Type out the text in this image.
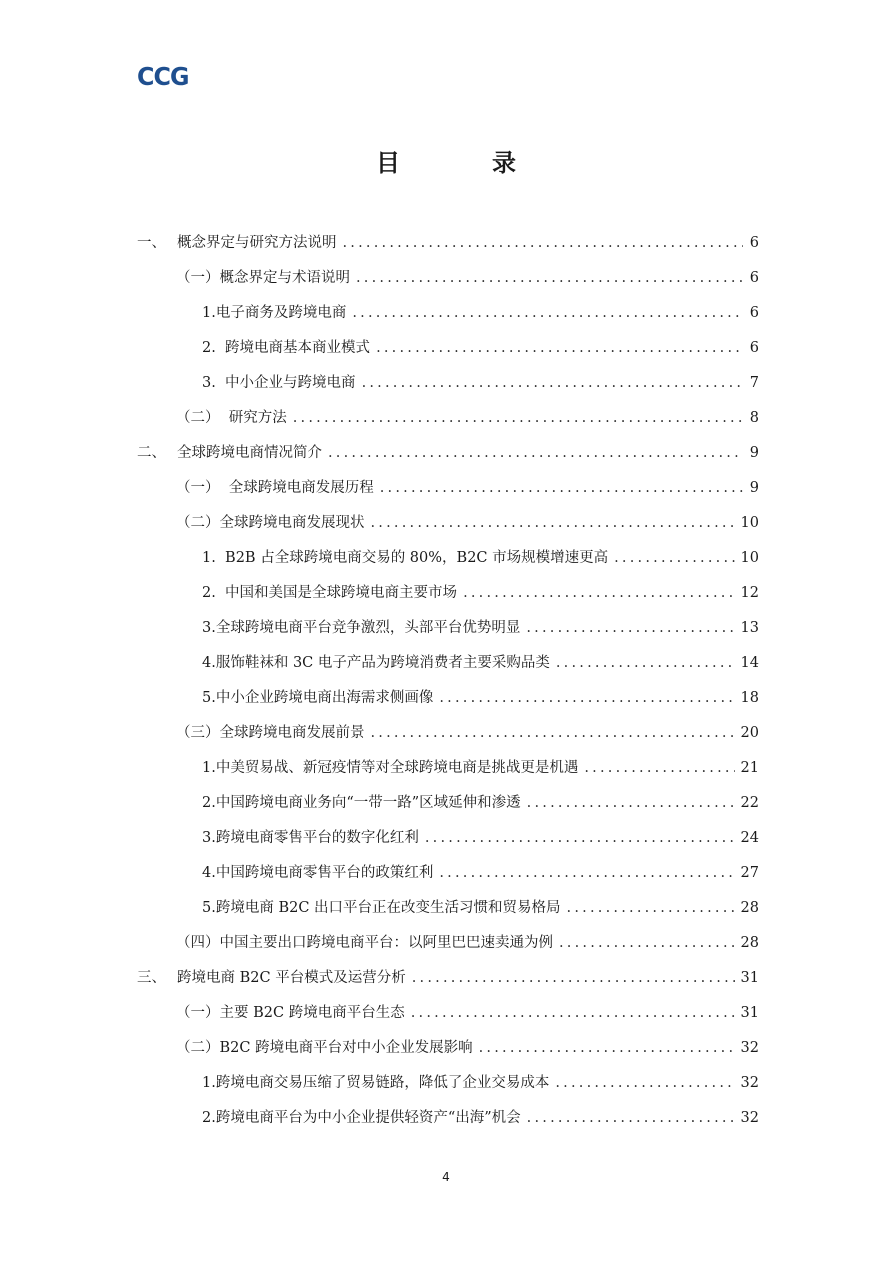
CCG
目　录
一、 概念界定与研究方法说明 .....	6
（一）概念界定与术语说明 .....	6
1.电子商务及跨境电商 .....	6
2.  跨境电商基本商业模式 .....	6
3.  中小企业与跨境电商 .....	7
（二）  研究方法 .....	8
二、 全球跨境电商情况简介 .....	9
（一）  全球跨境电商发展历程 .....	9
（二）全球跨境电商发展现状 .....	10
1.  B2B 占全球跨境电商交易的 80%，B2C 市场规模增速更高 .....	10
2.  中国和美国是全球跨境电商主要市场 .....	12
3.全球跨境电商平台竞争激烈，头部平台优势明显 .....	13
4.服饰鞋袜和 3C 电子产品为跨境消费者主要采购品类 .....	14
5.中小企业跨境电商出海需求侧画像 .....	18
（三）全球跨境电商发展前景 .....	20
1.中美贸易战、新冠疫情等对全球跨境电商是挑战更是机遇 .....	21
2.中国跨境电商业务向“一带一路”区域延伸和渗透 .....	22
3.跨境电商零售平台的数字化红利 .....	24
4.中国跨境电商零售平台的政策红利 .....	27
5.跨境电商 B2C 出口平台正在改变生活习惯和贸易格局 .....	28
（四）中国主要出口跨境电商平台：以阿里巴巴速卖通为例 .....	28
三、 跨境电商 B2C 平台模式及运营分析 .....	31
（一）主要 B2C 跨境电商平台生态 .....	31
（二）B2C 跨境电商平台对中小企业发展影响 .....	32
1.跨境电商交易压缩了贸易链路，降低了企业交易成本 .....	32
2.跨境电商平台为中小企业提供轻资产“出海”机会 .....	32
4
